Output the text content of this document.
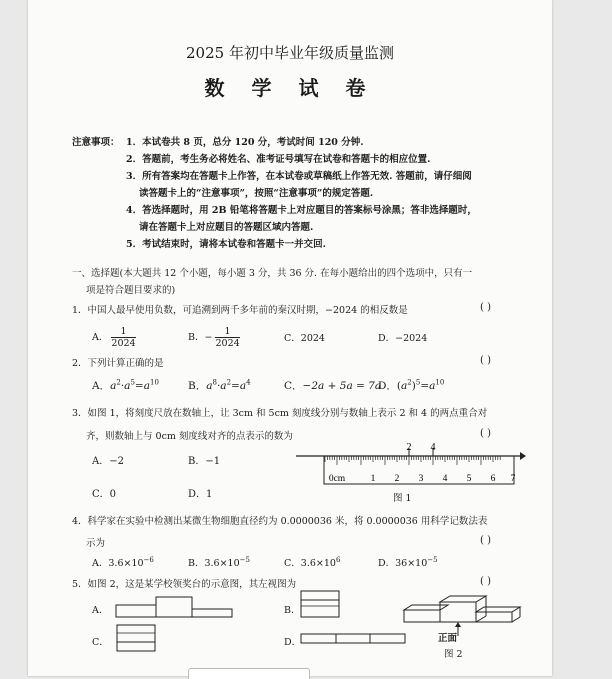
2025 年初中毕业年级质量监测
数 学 试 卷
注意事项： 1．本试卷共 8 页，总分 120 分，考试时间 120 分钟.
2．答题前，考生务必将姓名、准考证号填写在试卷和答题卡的相应位置.
3．所有答案均在答题卡上作答，在本试卷或草稿纸上作答无效. 答题前，请仔细阅
读答题卡上的“注意事项”，按照“注意事项”的规定答题.
4．答选择题时，用 2B 铅笔将答题卡上对应题目的答案标号涂黑；答非选择题时，
请在答题卡上对应题目的答题区域内答题.
5．考试结束时，请将本试卷和答题卡一并交回.
一、选择题(本大题共 12 个小题，每小题 3 分，共 36 分. 在每小题给出的四个选项中，只有一
项是符合题目要求的)
1．中国人最早使用负数，可追溯到两千多年前的秦汉时期，−2024 的相反数是	( )
A． $\frac{1}{2024}$	B．− $\frac{1}{2024}$	C．2024	D．−2024
2．下列计算正确的是	( )
A．$a^2\cdot a^5=a^{10}$	B．$a^8\cdot a^2=a^4$	C．−2a + 5a = 7a
D．$(a^2)^5=a^{10}$
3．如图 1，将刻度尺放在数轴上，让 3cm 和 5cm 刻度线分别与数轴上表示 2 和 4 的两点重合对
齐，则数轴上与 0cm 刻度线对齐的点表示的数为	( )
A．−2	B．−1
C．0	D．1
2 4
0cm	1 2 3 4 5 6 7
图 1
4．科学家在实验中检测出某微生物细胞直径约为 0.0000036 米，将 0.0000036 用科学记数法表
示为	( )
A．$3.6\times 10^{-6}$	B．$3.6\times 10^{-5}$	C．$3.6\times 10^6$	D．$36\times 10^{-5}$
5．如图 2，这是某学校领奖台的示意图，其左视图为	( )
A．	B．
C．	D．	正面
图 2
